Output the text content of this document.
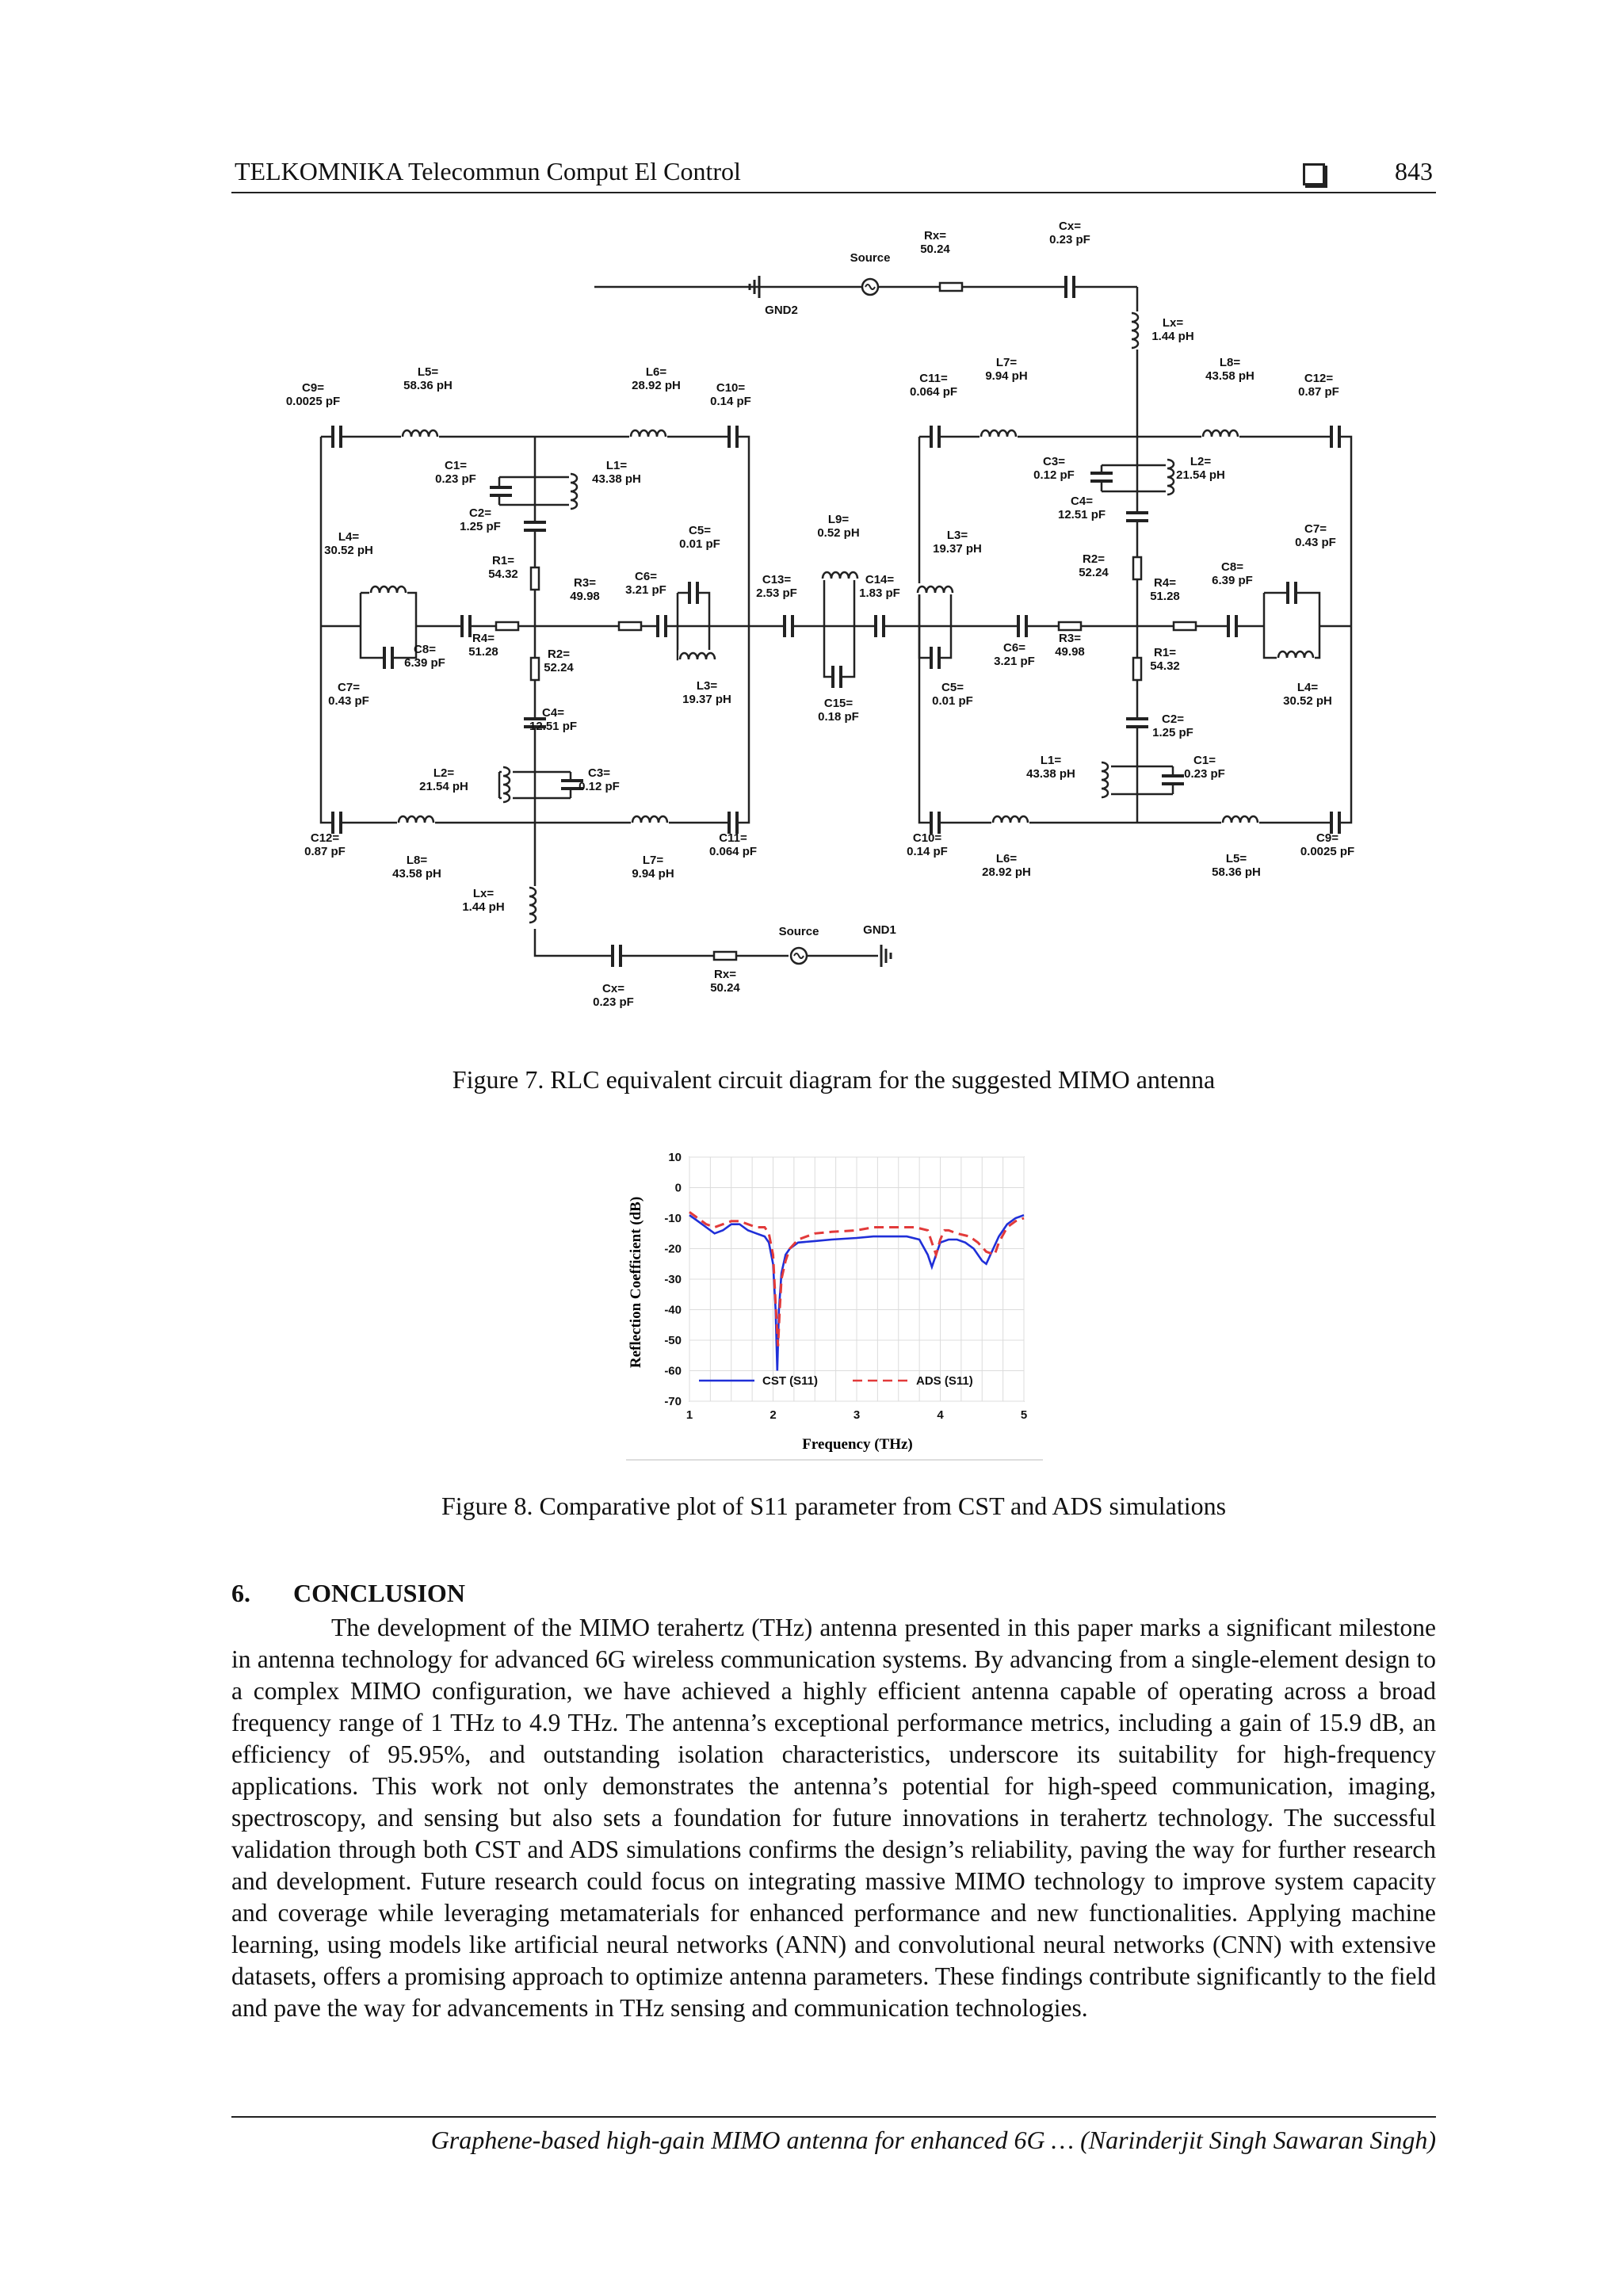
TELKOMNIKA Telecommun Comput El Control	843
C9= 0.0025 pF
L5= 58.36 pH
L6= 28.92 pH	C10= 0.14 pF
C1= 0.23 pF
L1= 43.38 pH
C2= 1.25 pF
L4= 30.52 pH
R1= 54.32
R3= 49.98
C6= 3.21 pF
C5= 0.01 pF
C8= 6.39 pF
R4= 51.28	R2= 52.24
C7= 0.43 pF
L3= 19.37 pH
C4= 12.51 pF
L2= 21.54 pH
C3= 0.12 pF
C12= 0.87 pF
L8= 43.58 pH
L7= 9.94 pH
C11= 0.064 pF
Lx= 1.44 pH
Cx= 0.23 pF
Rx= 50.24
Source	GND1
C13= 2.53 pF
L9= 0.52 pH
C14= 1.83 pF
C15= 0.18 pF
Source
Rx= 50.24
Cx= 0.23 pF
GND2
Lx= 1.44 pH
C11= 0.064 pF
L7= 9.94 pH
L8= 43.58 pH	C12= 0.87 pF
C3= 0.12 pF
L2= 21.54 pH
C4= 12.51 pF
C7= 0.43 pF
L3= 19.37 pH
R2= 52.24
R4= 51.28
C8= 6.39 pF
C6= 3.21 pF
R3= 49.98	R1= 54.32
C5= 0.01 pF
L4= 30.52 pH
C2= 1.25 pF
L1= 43.38 pH
C1= 0.23 pF
C10= 0.14 pF
L6= 28.92 pH
L5= 58.36 pH
C9= 0.0025 pF
Figure 7. RLC equivalent circuit diagram for the suggested MIMO antenna
10
0
-10
-20
-30
-40
-50
-60
-70
1	2	3	4	5
Frequency (THz)
Reflection Coefficient (dB)
CST (S11)	ADS (S11)
Figure 8. Comparative plot of S11 parameter from CST and ADS simulations
6. CONCLUSION
The development of the MIMO terahertz (THz) antenna presented in this paper marks a significant milestone in antenna technology for advanced 6G wireless communication systems. By advancing from a single-element design to a complex MIMO configuration, we have achieved a highly efficient antenna capable of operating across a broad frequency range of 1 THz to 4.9 THz. The antenna’s exceptional performance metrics, including a gain of 15.9 dB, an efficiency of 95.95%, and outstanding isolation characteristics, underscore its suitability for high-frequency applications. This work not only demonstrates the antenna’s potential for high-speed communication, imaging, spectroscopy, and sensing but also sets a foundation for future innovations in terahertz technology. The successful validation through both CST and ADS simulations confirms the design’s reliability, paving the way for further research and development. Future research could focus on integrating massive MIMO technology to improve system capacity and coverage while leveraging metamaterials for enhanced performance and new functionalities. Applying machine learning, using models like artificial neural networks (ANN) and convolutional neural networks (CNN) with extensive datasets, offers a promising approach to optimize antenna parameters. These findings contribute significantly to the field and pave the way for advancements in THz sensing and communication technologies.
Graphene-based high-gain MIMO antenna for enhanced 6G … (Narinderjit Singh Sawaran Singh)
